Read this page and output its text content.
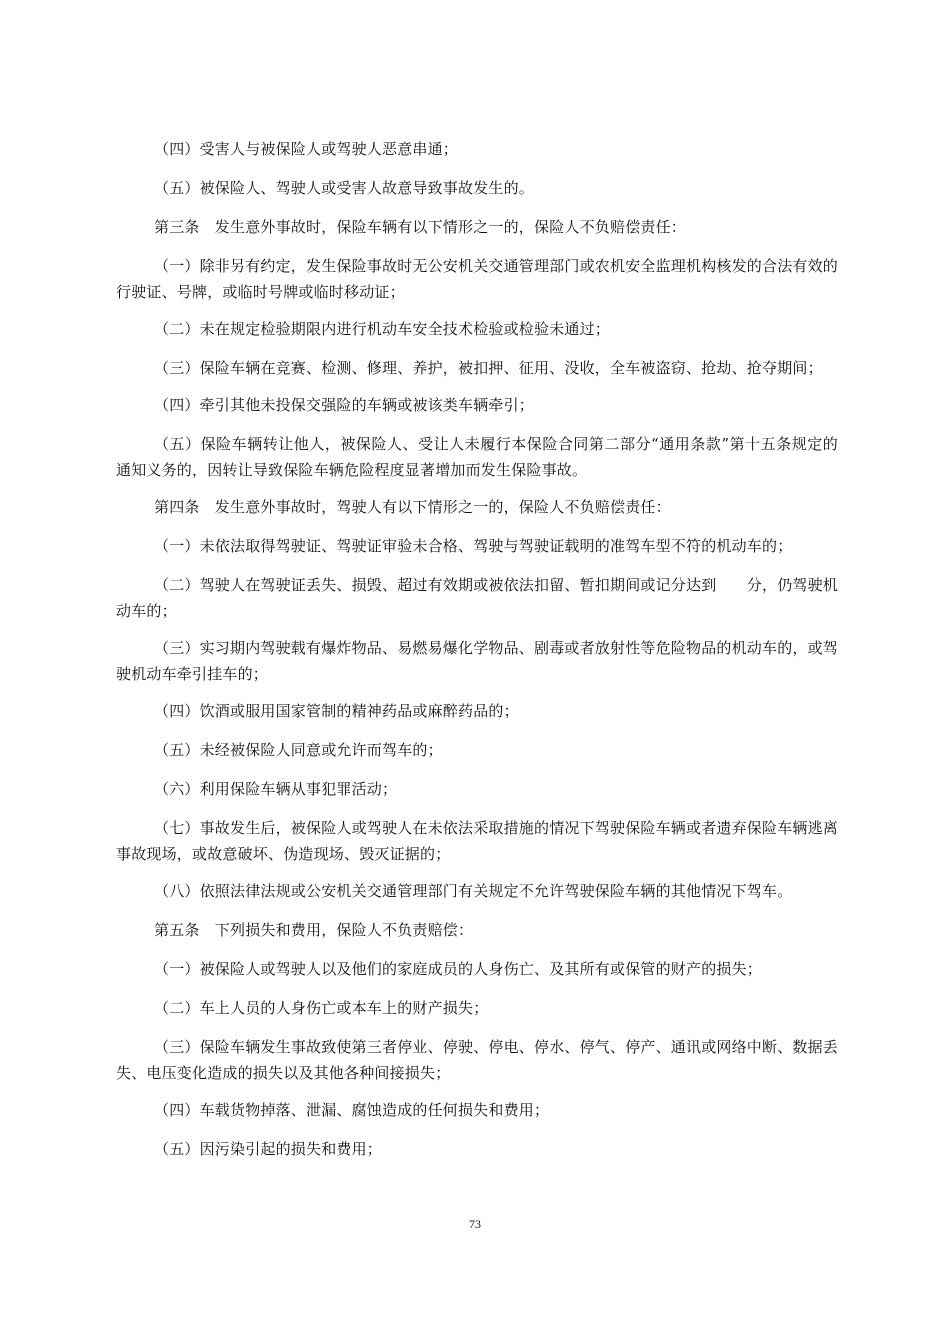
（四）受害人与被保险人或驾驶人恶意串通；

（五）被保险人、驾驶人或受害人故意导致事故发生的。

第三条　发生意外事故时，保险车辆有以下情形之一的，保险人不负赔偿责任：

（一）除非另有约定，发生保险事故时无公安机关交通管理部门或农机安全监理机构核发的合法有效的行驶证、号牌，或临时号牌或临时移动证；

（二）未在规定检验期限内进行机动车安全技术检验或检验未通过；

（三）保险车辆在竞赛、检测、修理、养护，被扣押、征用、没收，全车被盗窃、抢劫、抢夺期间；

（四）牵引其他未投保交强险的车辆或被该类车辆牵引；

（五）保险车辆转让他人，被保险人、受让人未履行本保险合同第二部分“通用条款”第十五条规定的通知义务的，因转让导致保险车辆危险程度显著增加而发生保险事故。

第四条　发生意外事故时，驾驶人有以下情形之一的，保险人不负赔偿责任：

（一）未依法取得驾驶证、驾驶证审验未合格、驾驶与驾驶证载明的准驾车型不符的机动车的；

（二）驾驶人在驾驶证丢失、损毁、超过有效期或被依法扣留、暂扣期间或记分达到　　分，仍驾驶机动车的；

（三）实习期内驾驶载有爆炸物品、易燃易爆化学物品、剧毒或者放射性等危险物品的机动车的，或驾驶机动车牵引挂车的；

（四）饮酒或服用国家管制的精神药品或麻醉药品的；

（五）未经被保险人同意或允许而驾车的；

（六）利用保险车辆从事犯罪活动；

（七）事故发生后，被保险人或驾驶人在未依法采取措施的情况下驾驶保险车辆或者遗弃保险车辆逃离事故现场，或故意破坏、伪造现场、毁灭证据的；

（八）依照法律法规或公安机关交通管理部门有关规定不允许驾驶保险车辆的其他情况下驾车。

第五条　下列损失和费用，保险人不负责赔偿：

（一）被保险人或驾驶人以及他们的家庭成员的人身伤亡、及其所有或保管的财产的损失；

（二）车上人员的人身伤亡或本车上的财产损失；

（三）保险车辆发生事故致使第三者停业、停驶、停电、停水、停气、停产、通讯或网络中断、数据丢失、电压变化造成的损失以及其他各种间接损失；

（四）车载货物掉落、泄漏、腐蚀造成的任何损失和费用；

（五）因污染引起的损失和费用；

73
